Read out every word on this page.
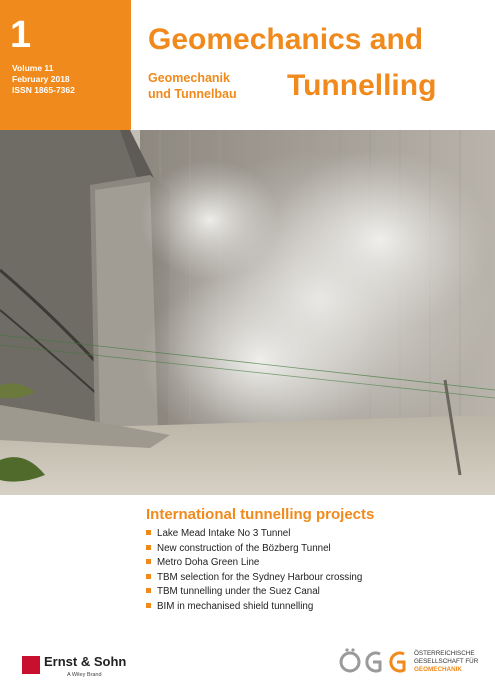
1
Volume 11
February 2018
ISSN 1865-7362
Geomechanics and
Tunnelling
Geomechanik
und Tunnelbau
International tunnelling projects
Lake Mead Intake No 3 Tunnel
New construction of the Bözberg Tunnel
Metro Doha Green Line
TBM selection for the Sydney Harbour crossing
TBM tunnelling under the Suez Canal
BIM in mechanised shield tunnelling
Ernst & Sohn
A Wiley Brand
ÖSTERREICHISCHE
GESELLSCHAFT FÜR
GEOMECHANIK
